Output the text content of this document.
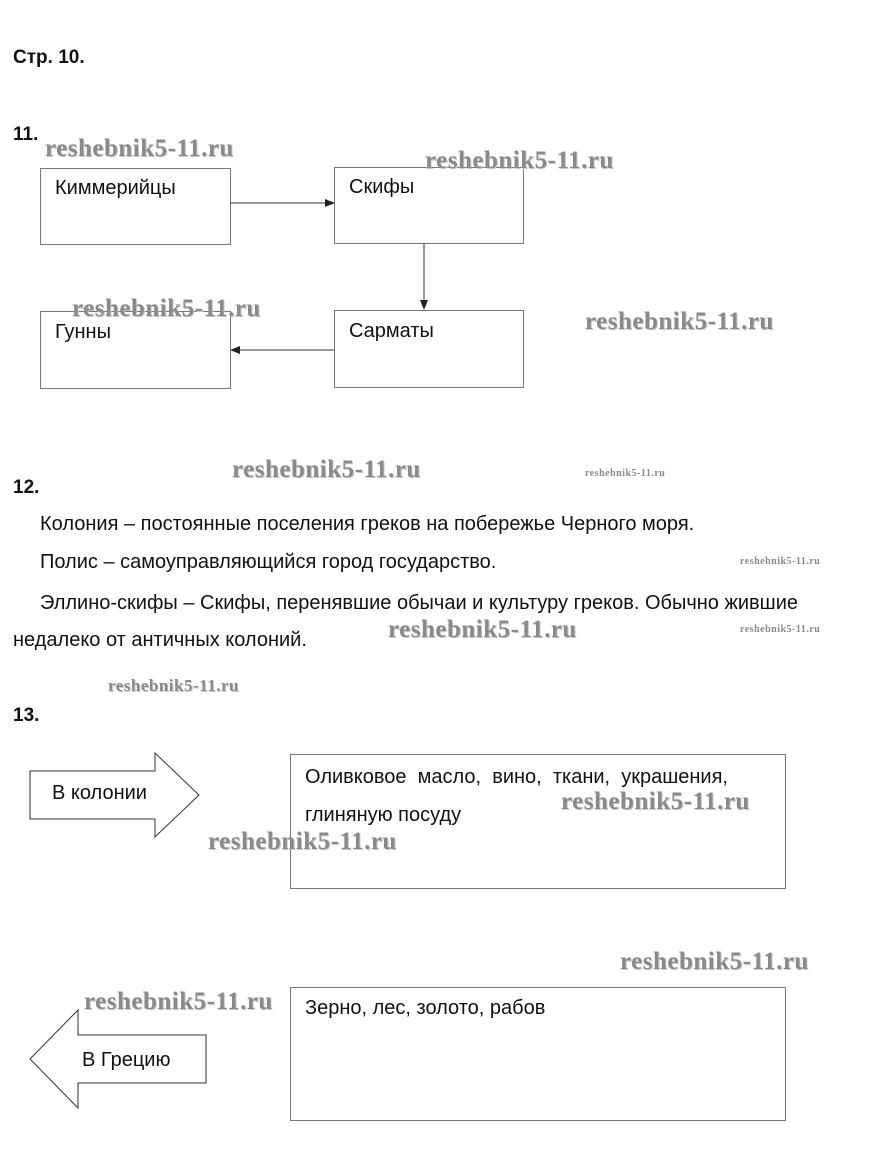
Стр. 10.
11.
Киммерийцы	Скифы
Сарматы
Гунны
12.
Колония – постоянные поселения греков на побережье Черного моря.
Полис – самоуправляющийся город государство.
Эллино-скифы – Скифы, перенявшие обычаи и культуру греков. Обычно жившие
недалеко от античных колоний.
13.
В колонии
Оливковое  масло,  вино,  ткани,  украшения,
глиняную посуду
В Грецию
Зерно, лес, золото, рабов
reshebnik5-11.ru	reshebnik5-11.ru
reshebnik5-11.ru	reshebnik5-11.ru
reshebnik5-11.ru	reshebnik5-11.ru
reshebnik5-11.ru
reshebnik5-11.ru	reshebnik5-11.ru
reshebnik5-11.ru
reshebnik5-11.ru
reshebnik5-11.ru
reshebnik5-11.ru
reshebnik5-11.ru
